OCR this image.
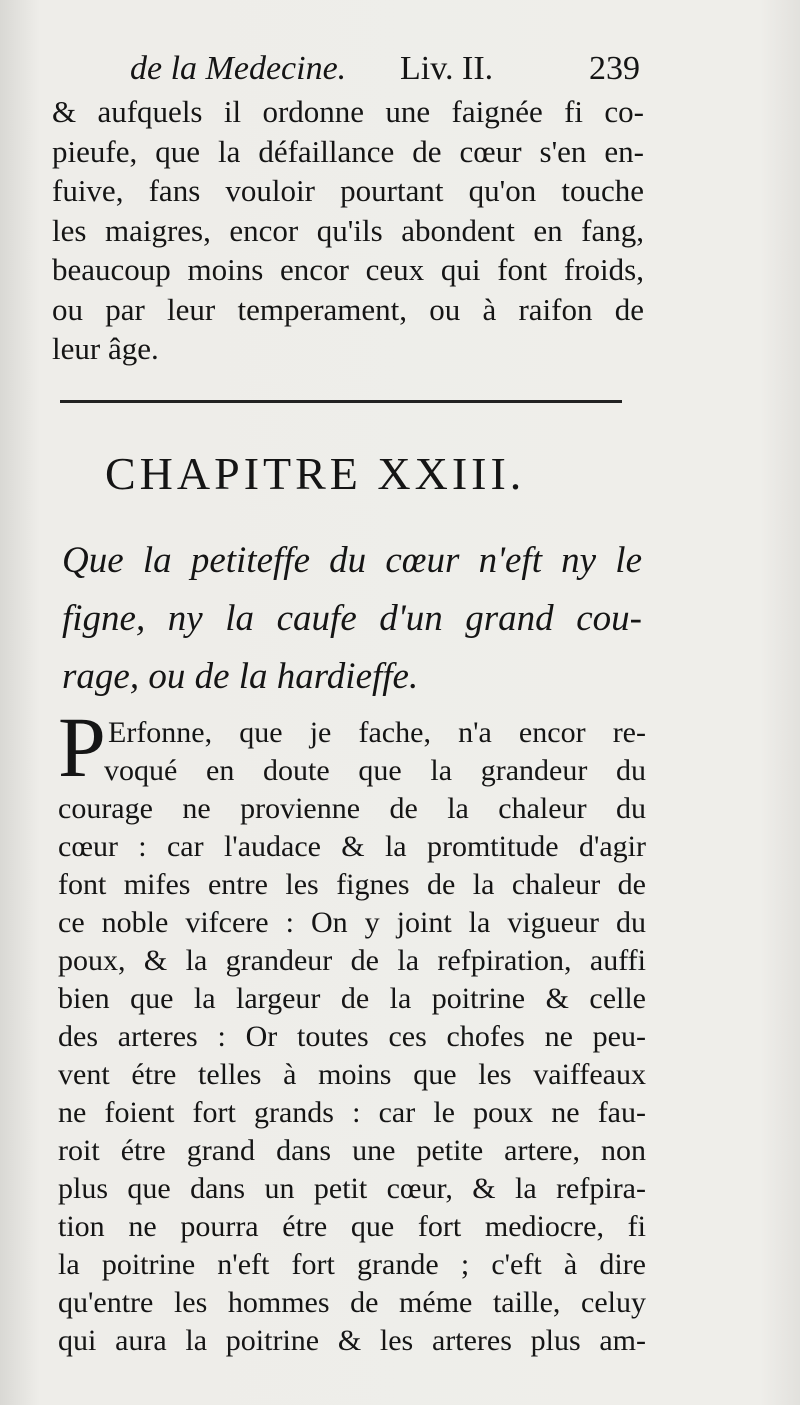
de la Medecine. Liv. II.	239
& aufquels il ordonne une faignée fi co-
pieufe, que la défaillance de cœur s'en en-
fuive, fans vouloir pourtant qu'on touche
les maigres, encor qu'ils abondent en fang,
beaucoup moins encor ceux qui font froids,
ou par leur temperament, ou à raifon de
leur âge.
CHAPITRE XXIII.
Que la petiteffe du cœur n'eft ny le
figne, ny la caufe d'un grand cou-
rage, ou de la hardieffe.
P Erfonne, que je fache, n'a encor re-
voqué en doute que la grandeur du
courage ne provienne de la chaleur du
cœur : car l'audace & la promtitude d'agir
font mifes entre les fignes de la chaleur de
ce noble vifcere : On y joint la vigueur du
poux, & la grandeur de la refpiration, auffi
bien que la largeur de la poitrine & celle
des arteres : Or toutes ces chofes ne peu-
vent étre telles à moins que les vaiffeaux
ne foient fort grands : car le poux ne fau-
roit étre grand dans une petite artere, non
plus que dans un petit cœur, & la refpira-
tion ne pourra étre que fort mediocre, fi
la poitrine n'eft fort grande ; c'eft à dire
qu'entre les hommes de méme taille, celuy
qui aura la poitrine & les arteres plus am-
